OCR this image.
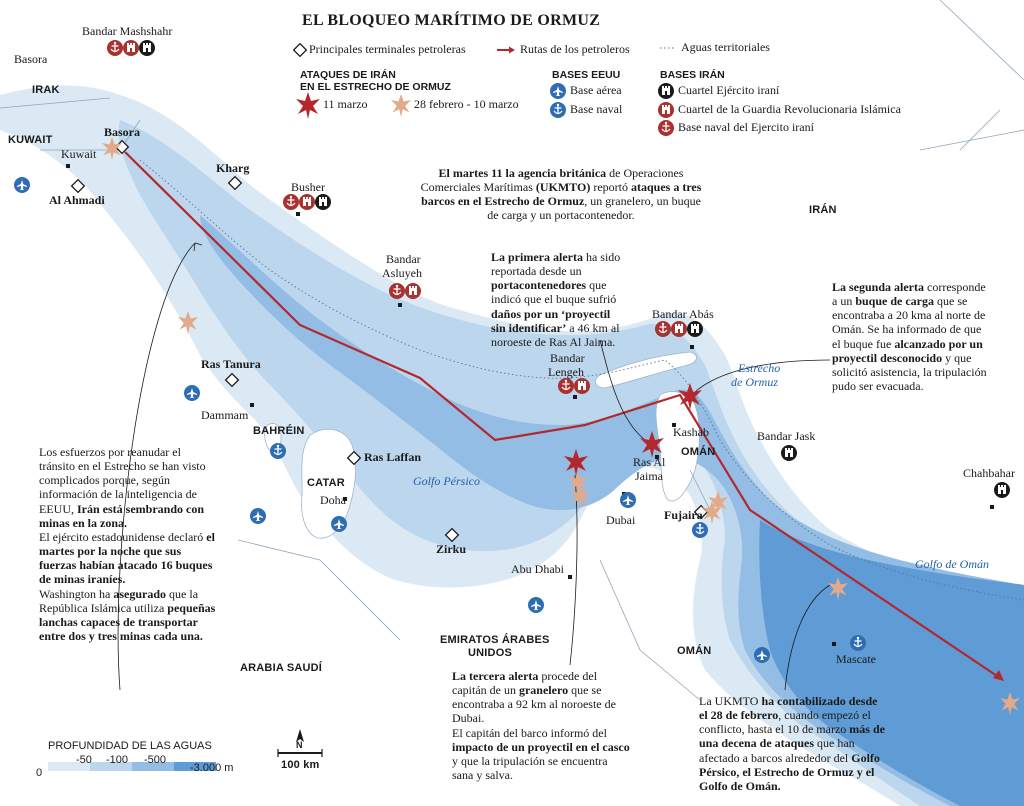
EL BLOQUEO MARÍTIMO DE ORMUZ
Principales terminales petroleras	Rutas de los petroleros	Aguas territoriales
ATAQUES DE IRÁN
EN EL ESTRECHO DE ORMUZ
11 marzo	28 febrero - 10 marzo
BASES EEUU
Base aérea
Base naval
BASES IRÁN
Cuartel Ejército iraní
Cuartel de la Guardia Revolucionaria Islámica
Base naval del Ejercito iraní
Bandar Mashshahr
Basora
IRAK
KUWAIT
Kuwait
Basora
Al Ahmadi
Kharg
Busher
IRÁN
Bandar
Asluyeh
Ras Tanura
Dammam
BAHRÉIN
CATAR
Doha
Ras Laffan
Golfo Pérsico
Zirku
Abu Dhabi
Dubai
Ras Al
Jaima
Kashab
OMÁN
Fujaira
Bandar
Lengeh
Bandar Abás
Estrecho
de Ormuz
Bandar Jask
Chahbahar
Golfo de Omán
Mascate
OMÁN
ARABIA SAUDÍ
EMIRATOS ÁRABES
UNIDOS

El martes 11 la agencia británica de Operaciones Comerciales Marítimas (UKMTO) reportó ataques a tres barcos en el Estrecho de Ormuz, un granelero, un buque de carga y un portacontenedor.

La primera alerta ha sido reportada desde un portacontenedores que indicó que el buque sufrió daños por un ‘proyectil sin identificar’ a 46 km al noroeste de Ras Al Jaima.

La segunda alerta corresponde a un buque de carga que se encontraba a 20 kma al norte de Omán. Se ha informado de que el buque fue alcanzado por un proyectil desconocido y que solicitó asistencia, la tripulación pudo ser evacuada.

La tercera alerta procede del capitán de un granelero que se encontraba a 92 km al noroeste de Dubai.

El capitán del barco informó del impacto de un proyectil en el casco y que la tripulación se encuentra sana y salva.

Los esfuerzos por reanudar el tránsito en el Estrecho se han visto complicados porque, según información de la inteligencia de EEUU, Irán está sembrando con minas en la zona.

El ejército estadounidense declaró el martes por la noche que sus fuerzas habían atacado 16 buques de minas iraníes.

Washington ha asegurado que la República Islámica utiliza pequeñas lanchas capaces de transportar entre dos y tres minas cada una.

La UKMTO ha contabilizado desde el 28 de febrero, cuando empezó el conflicto, hasta el 10 de marzo más de una decena de ataques que han afectado a barcos alrededor del Golfo Pérsico, el Estrecho de Ormuz y el Golfo de Omán.

PROFUNDIDAD DE LAS AGUAS
0
-50 -100 -500
-3.000 m
N
100 km
